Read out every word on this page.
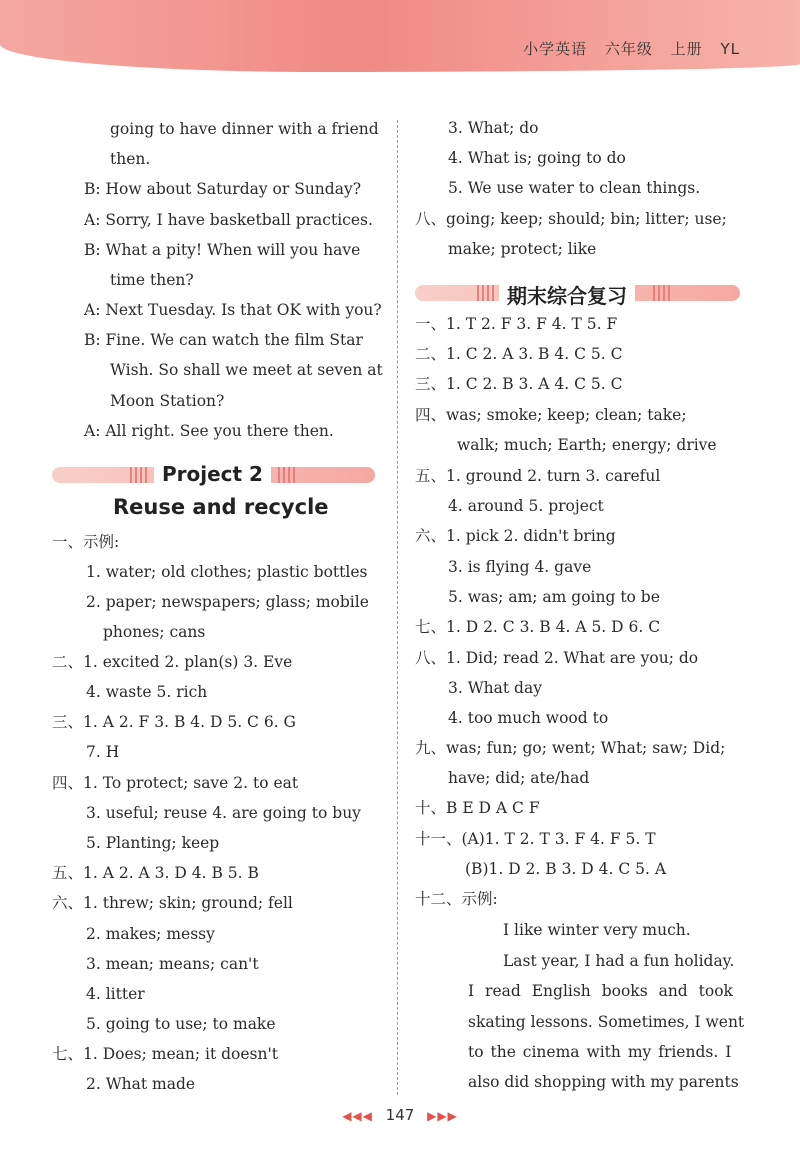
小学英语 六年级 上册 YL
going to have dinner with a friend
then.
B: How about Saturday or Sunday?
A: Sorry, I have basketball practices.
B: What a pity! When will you have
time then?
A: Next Tuesday. Is that OK with you?
B: Fine. We can watch the film Star
Wish. So shall we meet at seven at
Moon Station?
A: All right. See you there then.
Project 2
Reuse and recycle
一、示例:
1. water; old clothes; plastic bottles
2. paper; newspapers; glass; mobile
phones; cans
二、1. excited 2. plan(s) 3. Eve
4. waste 5. rich
三、1. A 2. F 3. B 4. D 5. C 6. G
7. H
四、1. To protect; save 2. to eat
3. useful; reuse 4. are going to buy
5. Planting; keep
五、1. A 2. A 3. D 4. B 5. B
六、1. threw; skin; ground; fell
2. makes; messy
3. mean; means; can't
4. litter
5. going to use; to make
七、1. Does; mean; it doesn't
2. What made
3. What; do
4. What is; going to do
5. We use water to clean things.
八、going; keep; should; bin; litter; use;
make; protect; like
期末综合复习
一、1. T 2. F 3. F 4. T 5. F
二、1. C 2. A 3. B 4. C 5. C
三、1. C 2. B 3. A 4. C 5. C
四、was; smoke; keep; clean; take;
walk; much; Earth; energy; drive
五、1. ground 2. turn 3. careful
4. around 5. project
六、1. pick 2. didn't bring
3. is flying 4. gave
5. was; am; am going to be
七、1. D 2. C 3. B 4. A 5. D 6. C
八、1. Did; read 2. What are you; do
3. What day
4. too much wood to
九、was; fun; go; went; What; saw; Did;
have; did; ate/had
十、B E D A C F
十一、(A)1. T 2. T 3. F 4. F 5. T
(B)1. D 2. B 3. D 4. C 5. A
十二、示例:
I like winter very much.
Last year, I had a fun holiday.
I read English books and took
skating lessons. Sometimes, I went
to the cinema with my friends. I
also did shopping with my parents
◀◀◀ 147 ▶▶▶
